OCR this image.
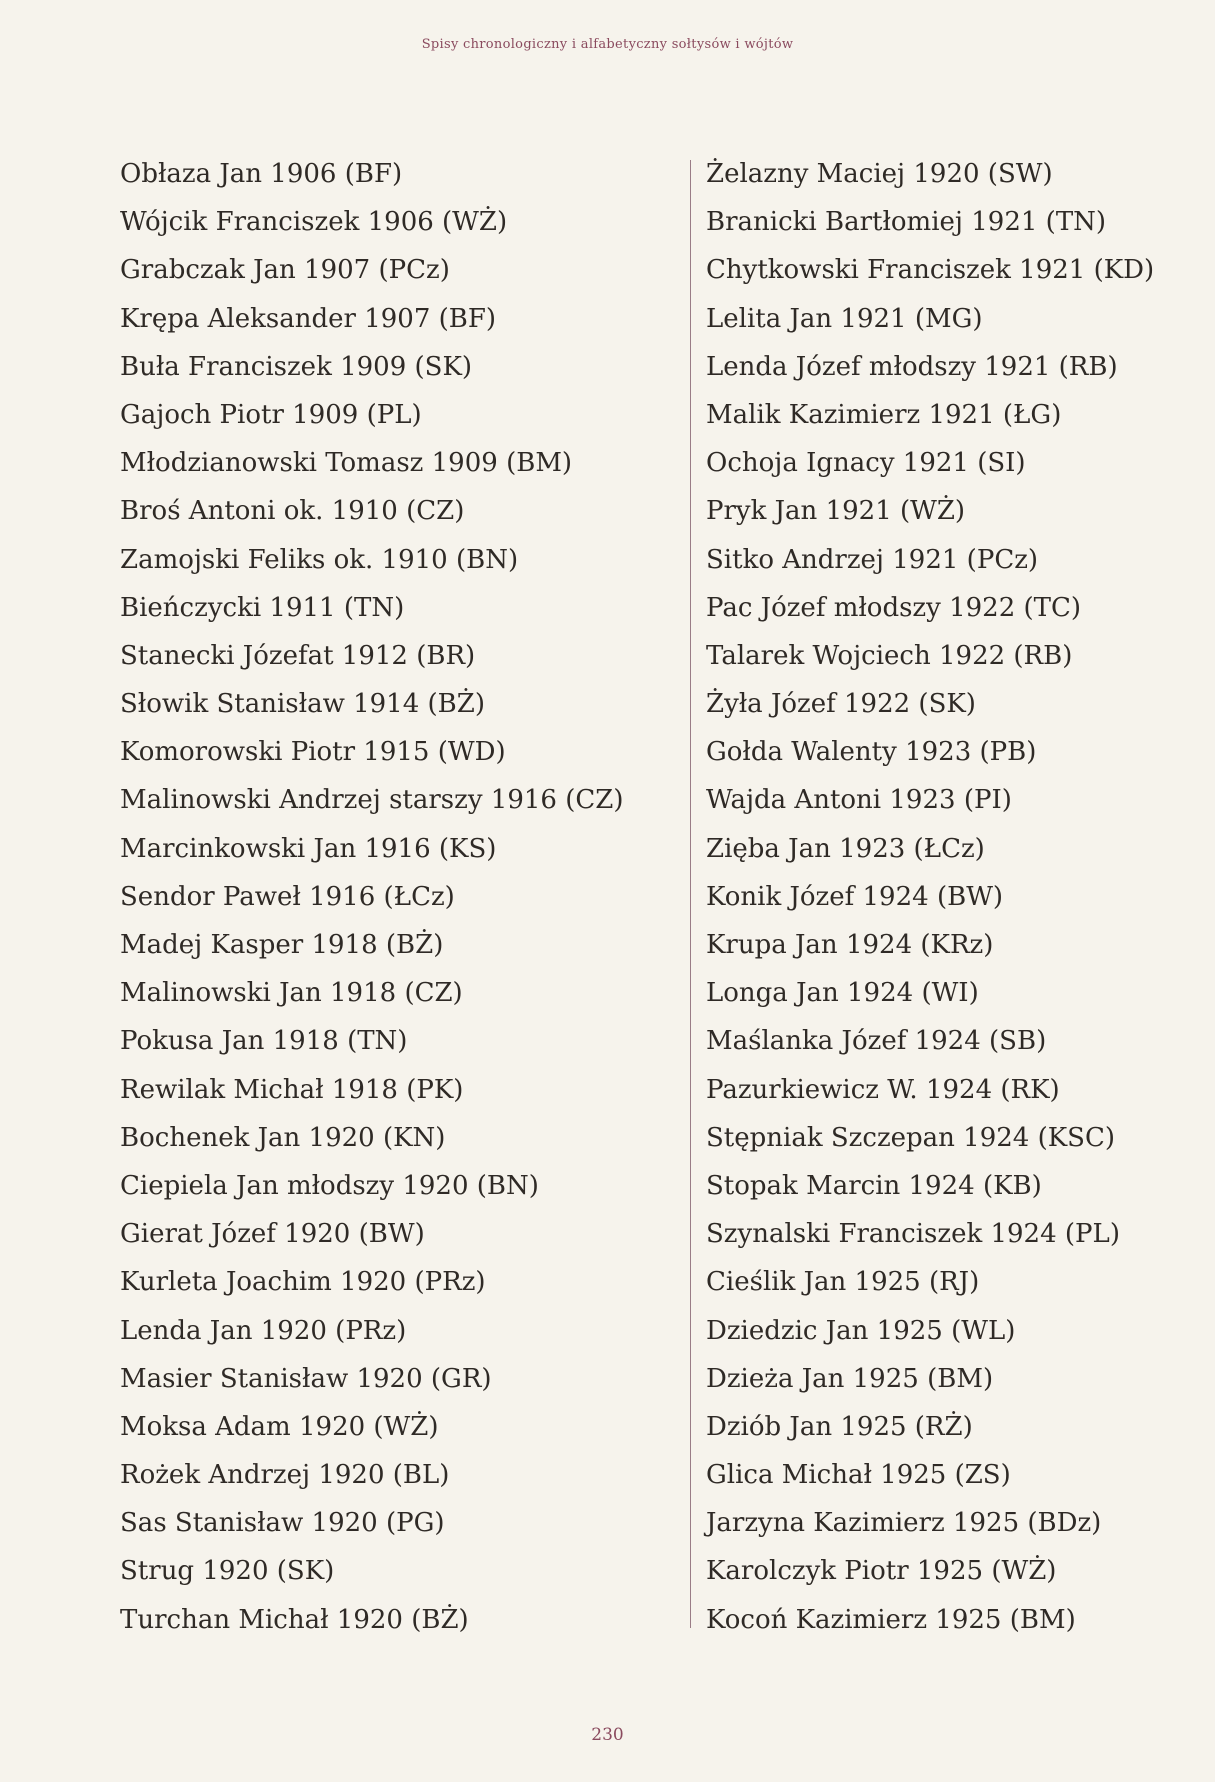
Spisy chronologiczny i alfabetyczny sołtysów i wójtów
Obłaza Jan 1906 (BF)
Wójcik Franciszek 1906 (WŻ)
Grabczak Jan 1907 (PCz)
Krępa Aleksander 1907 (BF)
Buła Franciszek 1909 (SK)
Gajoch Piotr 1909 (PL)
Młodzianowski Tomasz 1909 (BM)
Broś Antoni ok. 1910 (CZ)
Zamojski Feliks ok. 1910 (BN)
Bieńczycki 1911 (TN)
Stanecki Józefat 1912 (BR)
Słowik Stanisław 1914 (BŻ)
Komorowski Piotr 1915 (WD)
Malinowski Andrzej starszy 1916 (CZ)
Marcinkowski Jan 1916 (KS)
Sendor Paweł 1916 (ŁCz)
Madej Kasper 1918 (BŻ)
Malinowski Jan 1918 (CZ)
Pokusa Jan 1918 (TN)
Rewilak Michał 1918 (PK)
Bochenek Jan 1920 (KN)
Ciepiela Jan młodszy 1920 (BN)
Gierat Józef 1920 (BW)
Kurleta Joachim 1920 (PRz)
Lenda Jan 1920 (PRz)
Masier Stanisław 1920 (GR)
Moksa Adam 1920 (WŻ)
Rożek Andrzej 1920 (BL)
Sas Stanisław 1920 (PG)
Strug 1920 (SK)
Turchan Michał 1920 (BŻ)
Żelazny Maciej 1920 (SW)
Branicki Bartłomiej 1921 (TN)
Chytkowski Franciszek 1921 (KD)
Lelita Jan 1921 (MG)
Lenda Józef młodszy 1921 (RB)
Malik Kazimierz 1921 (ŁG)
Ochoja Ignacy 1921 (SI)
Pryk Jan 1921 (WŻ)
Sitko Andrzej 1921 (PCz)
Pac Józef młodszy 1922 (TC)
Talarek Wojciech 1922 (RB)
Żyła Józef 1922 (SK)
Gołda Walenty 1923 (PB)
Wajda Antoni 1923 (PI)
Zięba Jan 1923 (ŁCz)
Konik Józef 1924 (BW)
Krupa Jan 1924 (KRz)
Longa Jan 1924 (WI)
Maślanka Józef 1924 (SB)
Pazurkiewicz W. 1924 (RK)
Stępniak Szczepan 1924 (KSC)
Stopak Marcin 1924 (KB)
Szynalski Franciszek 1924 (PL)
Cieślik Jan 1925 (RJ)
Dziedzic Jan 1925 (WL)
Dzieża Jan 1925 (BM)
Dziób Jan 1925 (RŻ)
Glica Michał 1925 (ZS)
Jarzyna Kazimierz 1925 (BDz)
Karolczyk Piotr 1925 (WŻ)
Kocoń Kazimierz 1925 (BM)
230
